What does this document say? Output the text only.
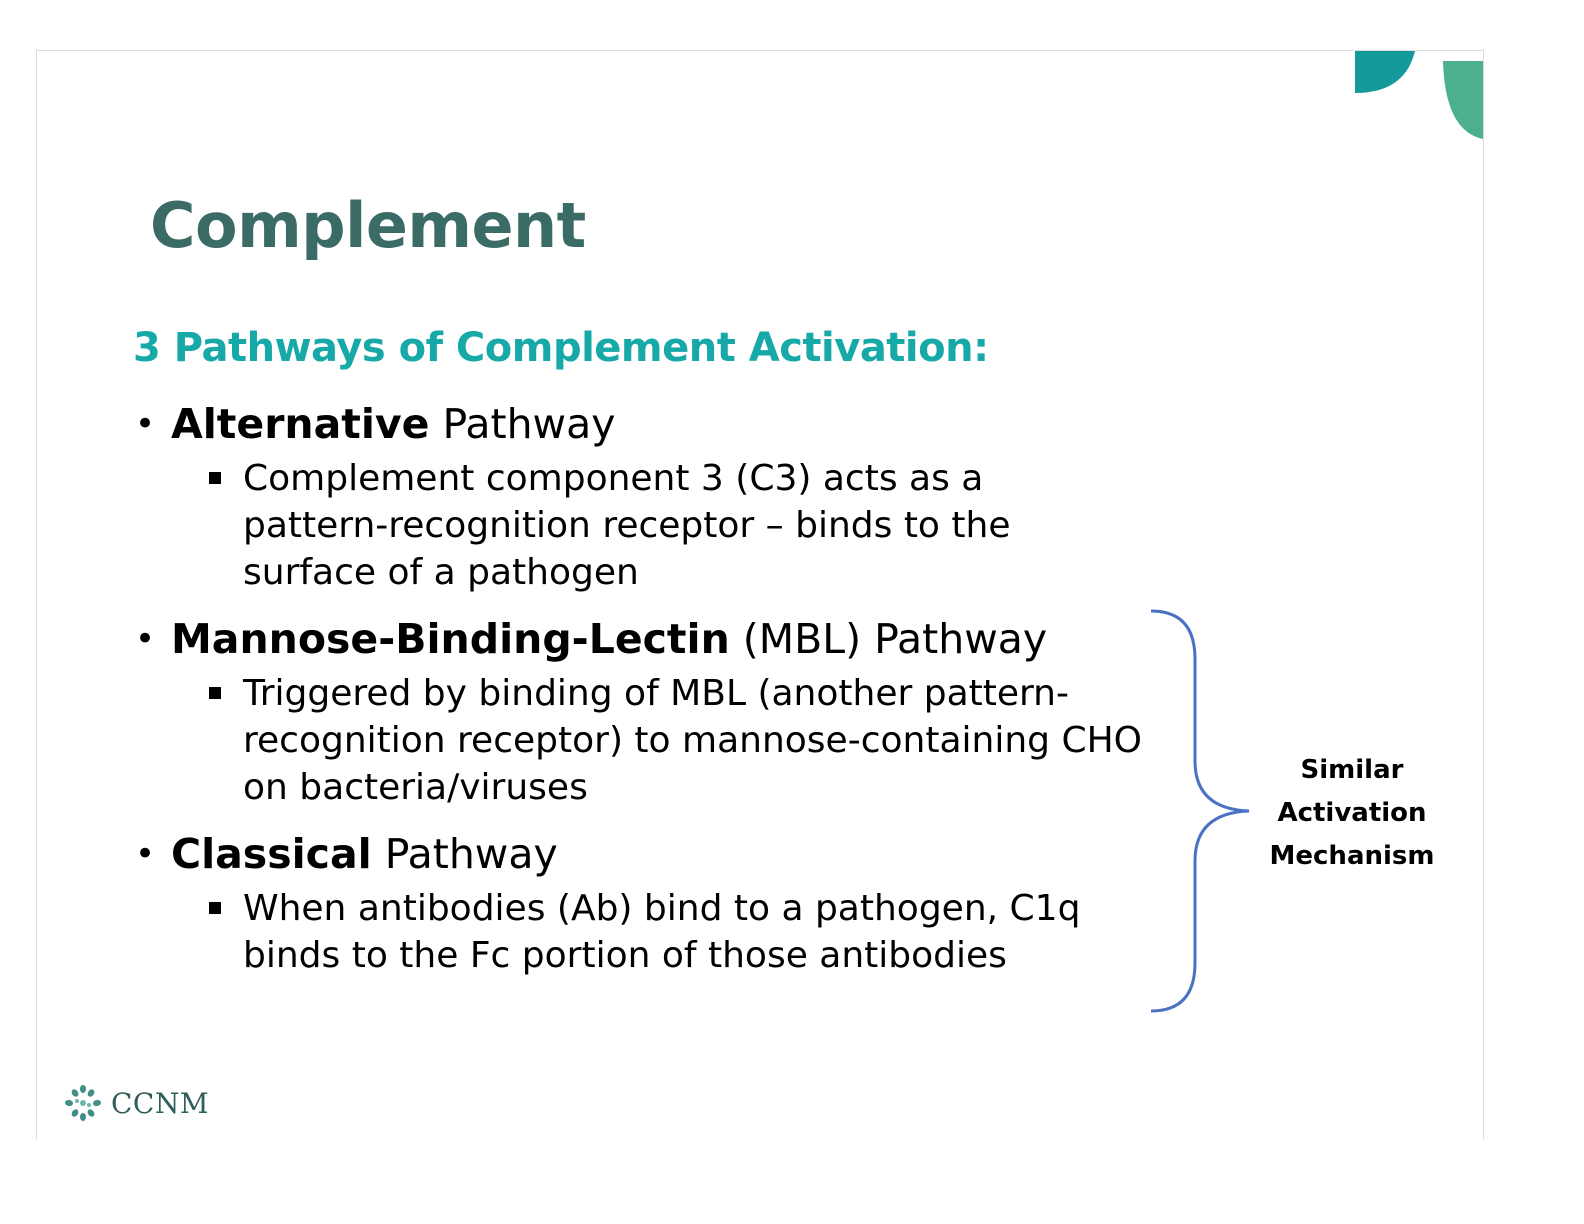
Complement
3 Pathways of Complement Activation:

• Alternative Pathway

Complement component 3 (C3) acts as a pattern-recognition receptor – binds to the surface of a pathogen

• Mannose-Binding-Lectin (MBL) Pathway

Triggered by binding of MBL (another pattern-recognition receptor) to mannose-containing CHO on bacteria/viruses

• Classical Pathway

When antibodies (Ab) bind to a pathogen, C1q binds to the Fc portion of those antibodies
Similar
Activation
Mechanism
CCNM
